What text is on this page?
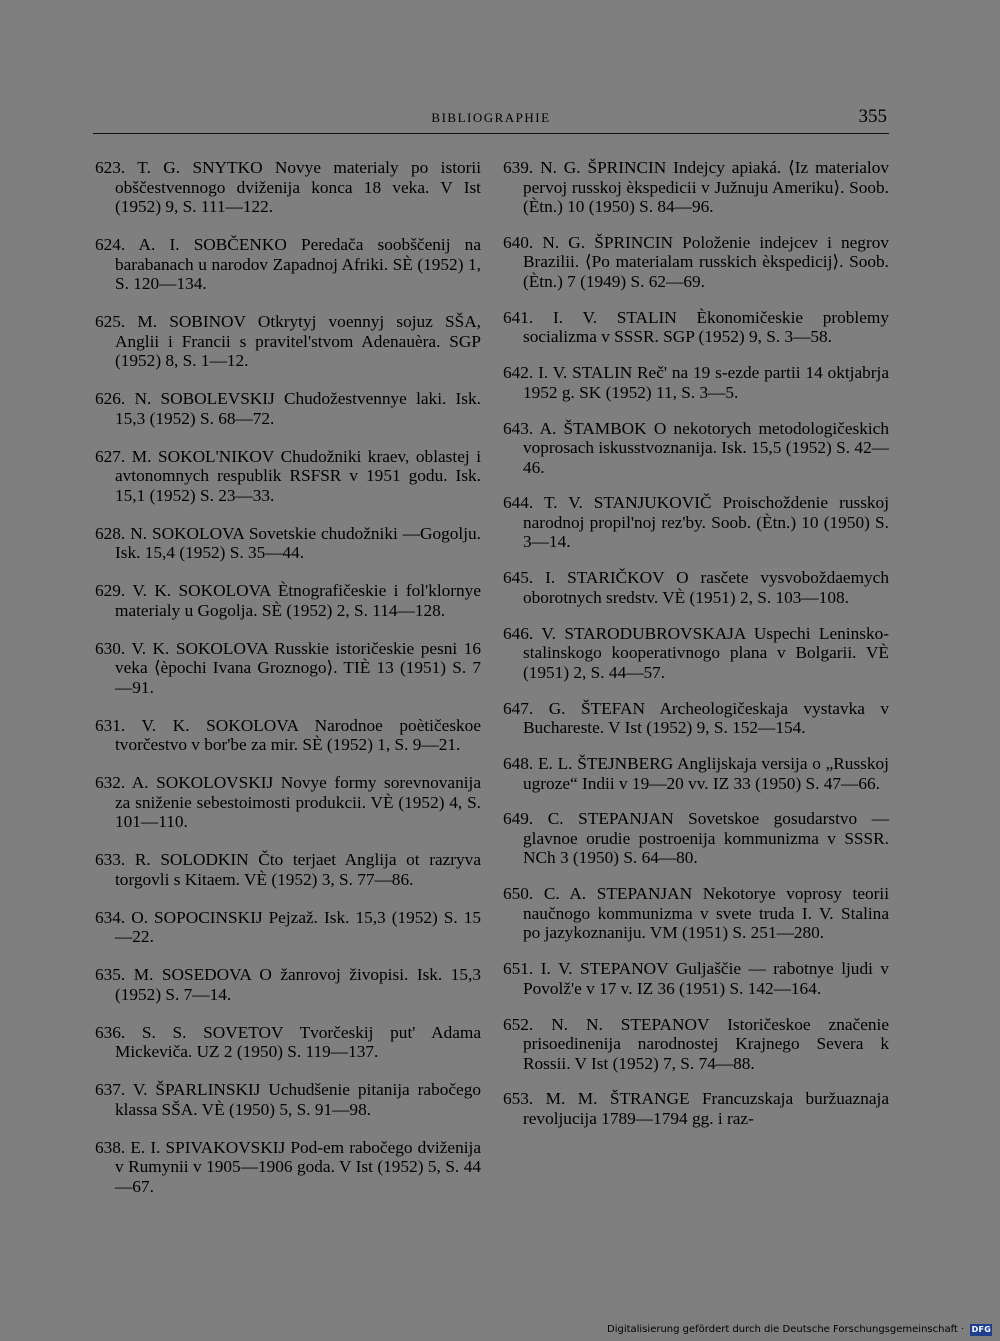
BIBLIOGRAPHIE	355

623. T. G. SNYTKO Novye materialy po istorii obščestvennogo dviženija konca 18 veka. V Ist (1952) 9, S. 111—122.

624. A. I. SOBČENKO Peredača soobščenij na barabanach u narodov Zapadnoj Afriki. SÈ (1952) 1, S. 120—134.

625. M. SOBINOV Otkrytyj voennyj sojuz SŠA, Anglii i Francii s pravitel'stvom Adenauèra. SGP (1952) 8, S. 1—12.

626. N. SOBOLEVSKIJ Chudožestvennye laki. Isk. 15,3 (1952) S. 68—72.

627. M. SOKOL'NIKOV Chudožniki kraev, oblastej i avtonomnych respublik RSFSR v 1951 godu. Isk. 15,1 (1952) S. 23—33.

628. N. SOKOLOVA Sovetskie chudožniki —Gogolju. Isk. 15,4 (1952) S. 35—44.

629. V. K. SOKOLOVA Ètnografičeskie i fol'klornye materialy u Gogolja. SÈ (1952) 2, S. 114—128.

630. V. K. SOKOLOVA Russkie istoričeskie pesni 16 veka ⟨èpochi Ivana Groznogo⟩. TIÈ 13 (1951) S. 7—91.

631. V. K. SOKOLOVA Narodnoe poètičeskoe tvorčestvo v bor'be za mir. SÈ (1952) 1, S. 9—21.

632. A. SOKOLOVSKIJ Novye formy sorevnovanija za sniženie sebestoimosti produkcii. VÈ (1952) 4, S. 101—110.

633. R. SOLODKIN Čto terjaet Anglija ot razryva torgovli s Kitaem. VÈ (1952) 3, S. 77—86.

634. O. SOPOCINSKIJ Pejzaž. Isk. 15,3 (1952) S. 15—22.

635. M. SOSEDOVA O žanrovoj živopisi. Isk. 15,3 (1952) S. 7—14.

636. S. S. SOVETOV Tvorčeskij put' Adama Mickeviča. UZ 2 (1950) S. 119—137.

637. V. ŠPARLINSKIJ Uchudšenie pitanija rabočego klassa SŠA. VÈ (1950) 5, S. 91—98.

638. E. I. SPIVAKOVSKIJ Pod-em rabočego dviženija v Rumynii v 1905—1906 goda. V Ist (1952) 5, S. 44—67.

639. N. G. ŠPRINCIN Indejcy apiaká. ⟨Iz materialov pervoj russkoj èkspedicii v Južnuju Ameriku⟩. Soob. (Ètn.) 10 (1950) S. 84—96.

640. N. G. ŠPRINCIN Položenie indejcev i negrov Brazilii. ⟨Po materialam russkich èkspedicij⟩. Soob. (Ètn.) 7 (1949) S. 62—69.

641. I. V. STALIN Èkonomičeskie problemy socializma v SSSR. SGP (1952) 9, S. 3—58.

642. I. V. STALIN Reč' na 19 s-ezde partii 14 oktjabrja 1952 g. SK (1952) 11, S. 3—5.

643. A. ŠTAMBOK O nekotorych metodologičeskich voprosach iskusstvoznanija. Isk. 15,5 (1952) S. 42—46.

644. T. V. STANJUKOVIČ Proischoždenie russkoj narodnoj propil'noj rez'by. Soob. (Ètn.) 10 (1950) S. 3—14.

645. I. STARIČKOV O rasčete vysvoboždaemych oborotnych sredstv. VÈ (1951) 2, S. 103—108.

646. V. STARODUBROVSKAJA Uspechi Leninsko-stalinskogo kooperativnogo plana v Bolgarii. VÈ (1951) 2, S. 44—57.

647. G. ŠTEFAN Archeologičeskaja vystavka v Buchareste. V Ist (1952) 9, S. 152—154.

648. E. L. ŠTEJNBERG Anglijskaja versija o „Russkoj ugroze“ Indii v 19—20 vv. IZ 33 (1950) S. 47—66.

649. C. STEPANJAN Sovetskoe gosudarstvo — glavnoe orudie postroenija kommunizma v SSSR. NCh 3 (1950) S. 64—80.

650. C. A. STEPANJAN Nekotorye voprosy teorii naučnogo kommunizma v svete truda I. V. Stalina po jazykoznaniju. VM (1951) S. 251—280.

651. I. V. STEPANOV Guljaščie — rabotnye ljudi v Povolž'e v 17 v. IZ 36 (1951) S. 142—164.

652. N. N. STEPANOV Istoričeskoe značenie prisoedinenija narodnostej Krajnego Severa k Rossii. V Ist (1952) 7, S. 74—88.

653. M. M. ŠTRANGE Francuzskaja buržuaznaja revoljucija 1789—1794 gg. i raz-

Digitalisierung gefördert durch die Deutsche Forschungsgemeinschaft · DFG
